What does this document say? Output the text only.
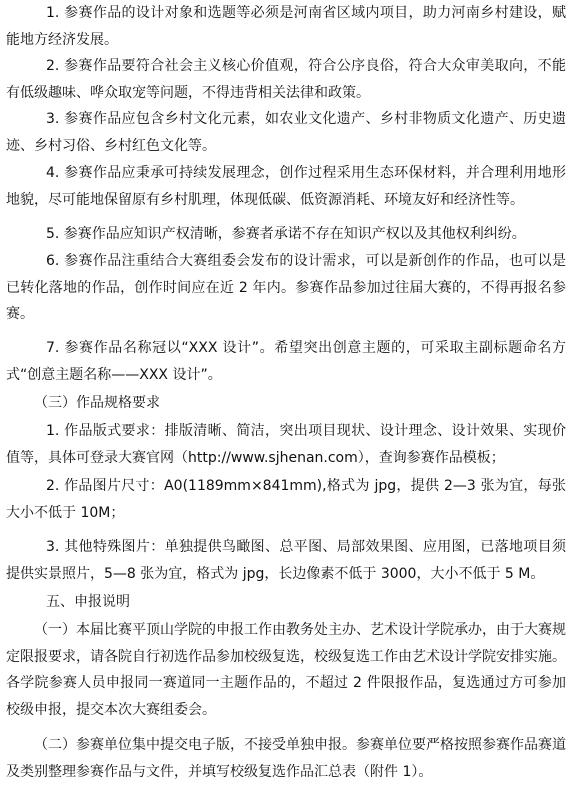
1. 参赛作品的设计对象和选题等必须是河南省区域内项目，助力河南乡村建设，赋能地方经济发展。

2. 参赛作品要符合社会主义核心价值观，符合公序良俗，符合大众审美取向，不能有低级趣味、哗众取宠等问题，不得违背相关法律和政策。

3. 参赛作品应包含乡村文化元素，如农业文化遗产、乡村非物质文化遗产、历史遗迹、乡村习俗、乡村红色文化等。

4. 参赛作品应秉承可持续发展理念，创作过程采用生态环保材料，并合理利用地形地貌，尽可能地保留原有乡村肌理，体现低碳、低资源消耗、环境友好和经济性等。

5. 参赛作品应知识产权清晰，参赛者承诺不存在知识产权以及其他权利纠纷。

6. 参赛作品注重结合大赛组委会发布的设计需求，可以是新创作的作品，也可以是已转化落地的作品，创作时间应在近 2 年内。参赛作品参加过往届大赛的，不得再报名参赛。

7. 参赛作品名称冠以“XXX 设计”。希望突出创意主题的，可采取主副标题命名方式“创意主题名称——XXX 设计”。

（三）作品规格要求

1. 作品版式要求：排版清晰、简洁，突出项目现状、设计理念、设计效果、实现价值等，具体可登录大赛官网（http://www.sjhenan.com），查询参赛作品模板；

2. 作品图片尺寸：A0(1189mm×841mm),格式为 jpg，提供 2—3 张为宜，每张大小不低于 10M；

3. 其他特殊图片：单独提供鸟瞰图、总平图、局部效果图、应用图，已落地项目须提供实景照片，5—8 张为宜，格式为 jpg，长边像素不低于 3000，大小不低于 5 M。

五、申报说明

（一）本届比赛平顶山学院的申报工作由教务处主办、艺术设计学院承办，由于大赛规定限报要求，请各院自行初选作品参加校级复选，校级复选工作由艺术设计学院安排实施。各学院参赛人员申报同一赛道同一主题作品的，不超过 2 件限报作品，复选通过方可参加校级申报，提交本次大赛组委会。

（二）参赛单位集中提交电子版，不接受单独申报。参赛单位要严格按照参赛作品赛道及类别整理参赛作品与文件，并填写校级复选作品汇总表（附件 1）。
